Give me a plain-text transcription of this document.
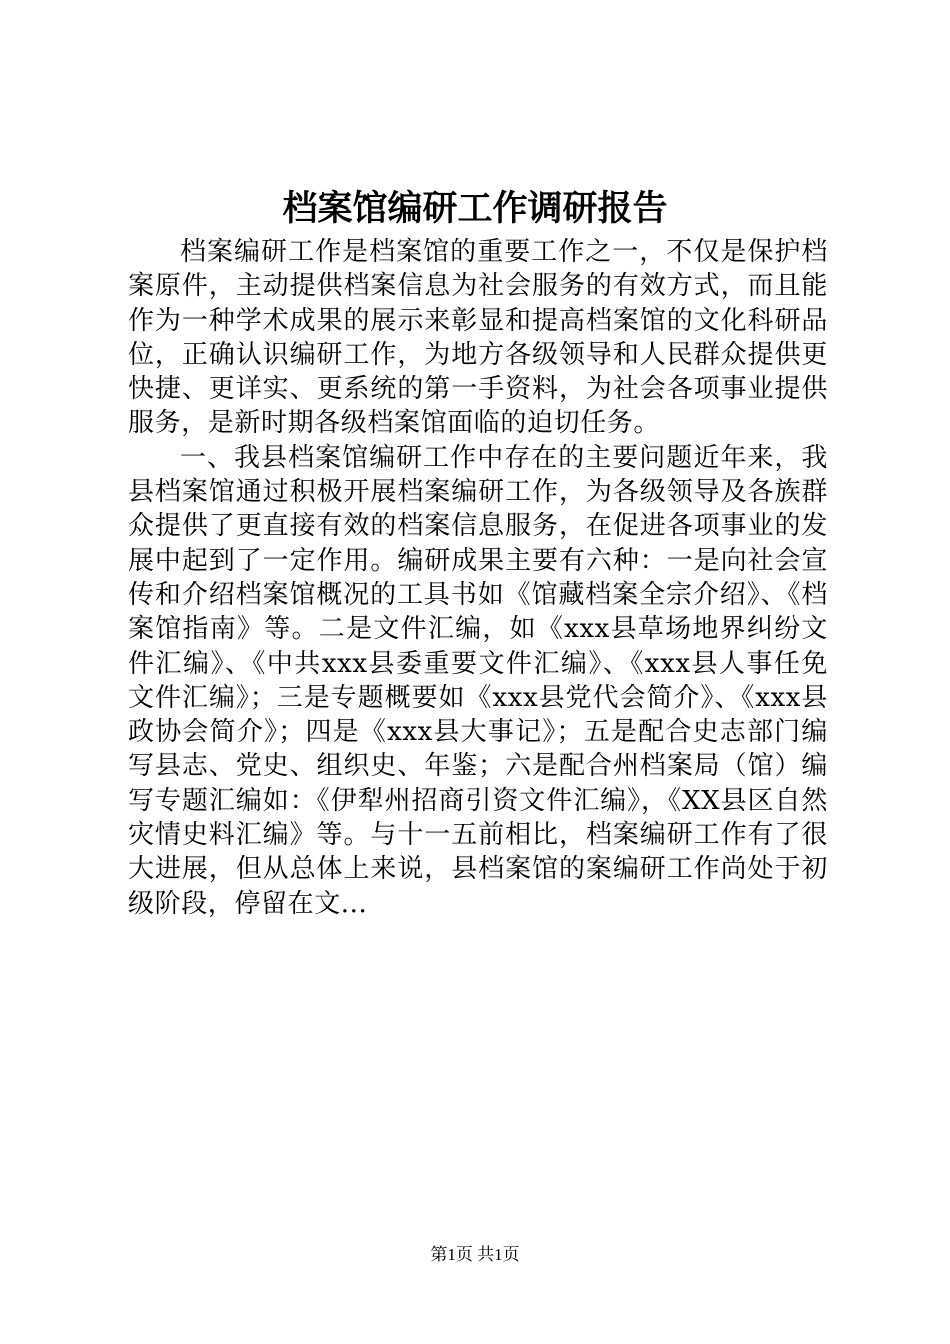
档案馆编研工作调研报告

档案编研工作是档案馆的重要工作之一，不仅是保护档案原件，主动提供档案信息为社会服务的有效方式，而且能作为一种学术成果的展示来彰显和提高档案馆的文化科研品位，正确认识编研工作，为地方各级领导和人民群众提供更快捷、更详实、更系统的第一手资料，为社会各项事业提供服务，是新时期各级档案馆面临的迫切任务。

一、我县档案馆编研工作中存在的主要问题近年来，我县档案馆通过积极开展档案编研工作，为各级领导及各族群众提供了更直接有效的档案信息服务，在促进各项事业的发展中起到了一定作用。编研成果主要有六种：一是向社会宣传和介绍档案馆概况的工具书如《馆藏档案全宗介绍》、《档案馆指南》等。二是文件汇编，如《xxx县草场地界纠纷文件汇编》、《中共xxx县委重要文件汇编》、《xxx县人事任免文件汇编》；三是专题概要如《xxx县党代会简介》、《xxx县政协会简介》；四是《xxx县大事记》；五是配合史志部门编写县志、党史、组织史、年鉴；六是配合州档案局（馆）编写专题汇编如：《伊犁州招商引资文件汇编》，《XX县区自然灾情史料汇编》等。与十一五前相比，档案编研工作有了很大进展，但从总体上来说，县档案馆的案编研工作尚处于初级阶段，停留在文...

第1页 共1页
